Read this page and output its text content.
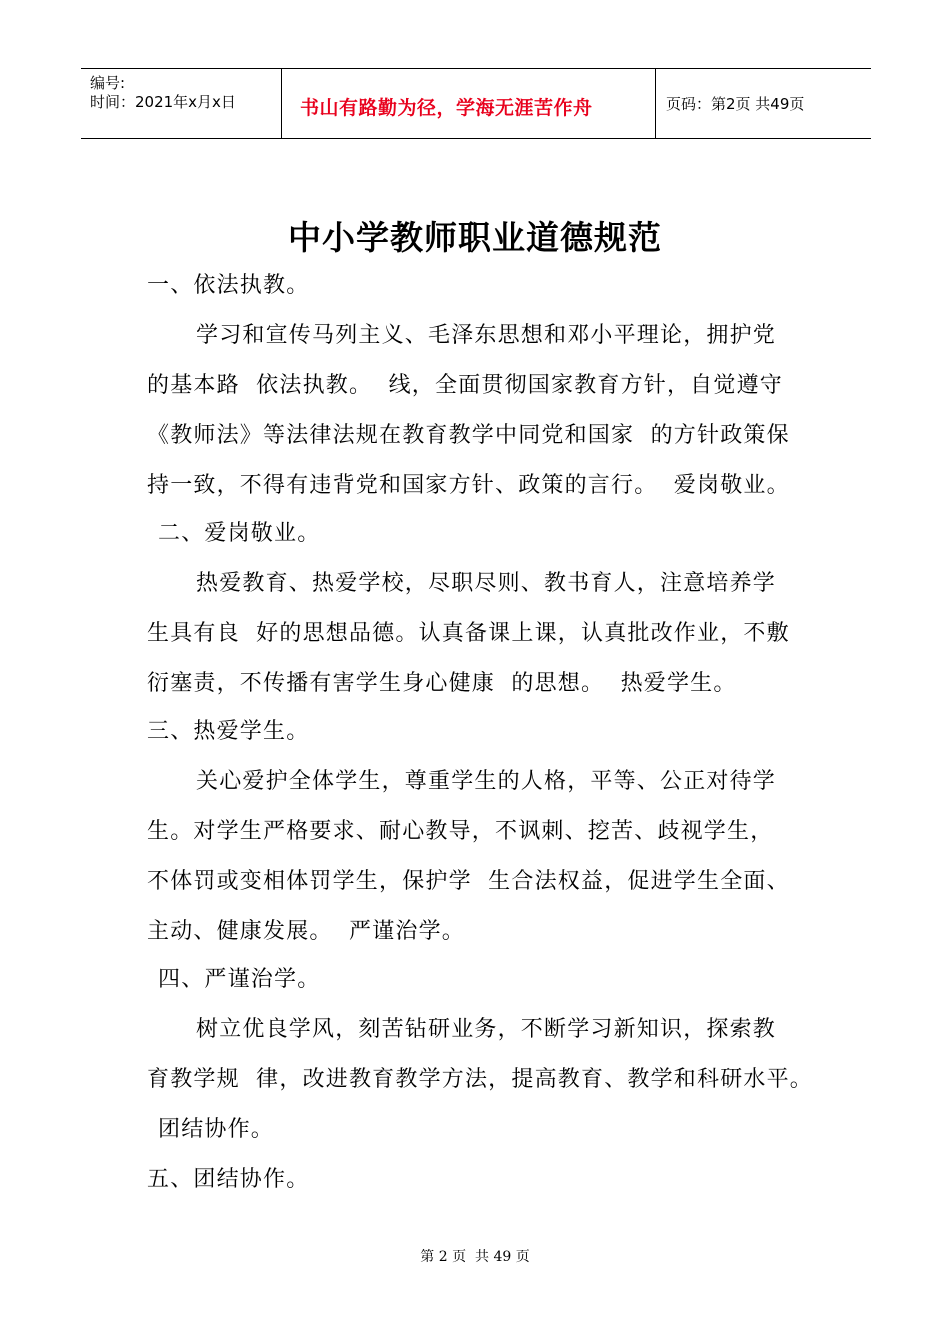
编号:
时间：2021年x月x日	书山有路勤为径，学海无涯苦作舟	页码：第2页 共49页
中小学教师职业道德规范
一、依法执教。
学习和宣传马列主义、毛泽东思想和邓小平理论，拥护党
的基本路  依法执教。  线，全面贯彻国家教育方针，自觉遵守
《教师法》等法律法规在教育教学中同党和国家  的方针政策保
持一致，不得有违背党和国家方针、政策的言行。  爱岗敬业。
二、爱岗敬业。
热爱教育、热爱学校，尽职尽则、教书育人，注意培养学
生具有良  好的思想品德。认真备课上课，认真批改作业，不敷
衍塞责，不传播有害学生身心健康  的思想。  热爱学生。
三、热爱学生。
关心爱护全体学生，尊重学生的人格，平等、公正对待学
生。对学生严格要求、耐心教导，不讽刺、挖苦、歧视学生，
不体罚或变相体罚学生，保护学  生合法权益，促进学生全面、
主动、健康发展。  严谨治学。
四、严谨治学。
树立优良学风，刻苦钻研业务，不断学习新知识，探索教
育教学规  律，改进教育教学方法，提高教育、教学和科研水平。
团结协作。
五、团结协作。
第 2 页  共 49 页
